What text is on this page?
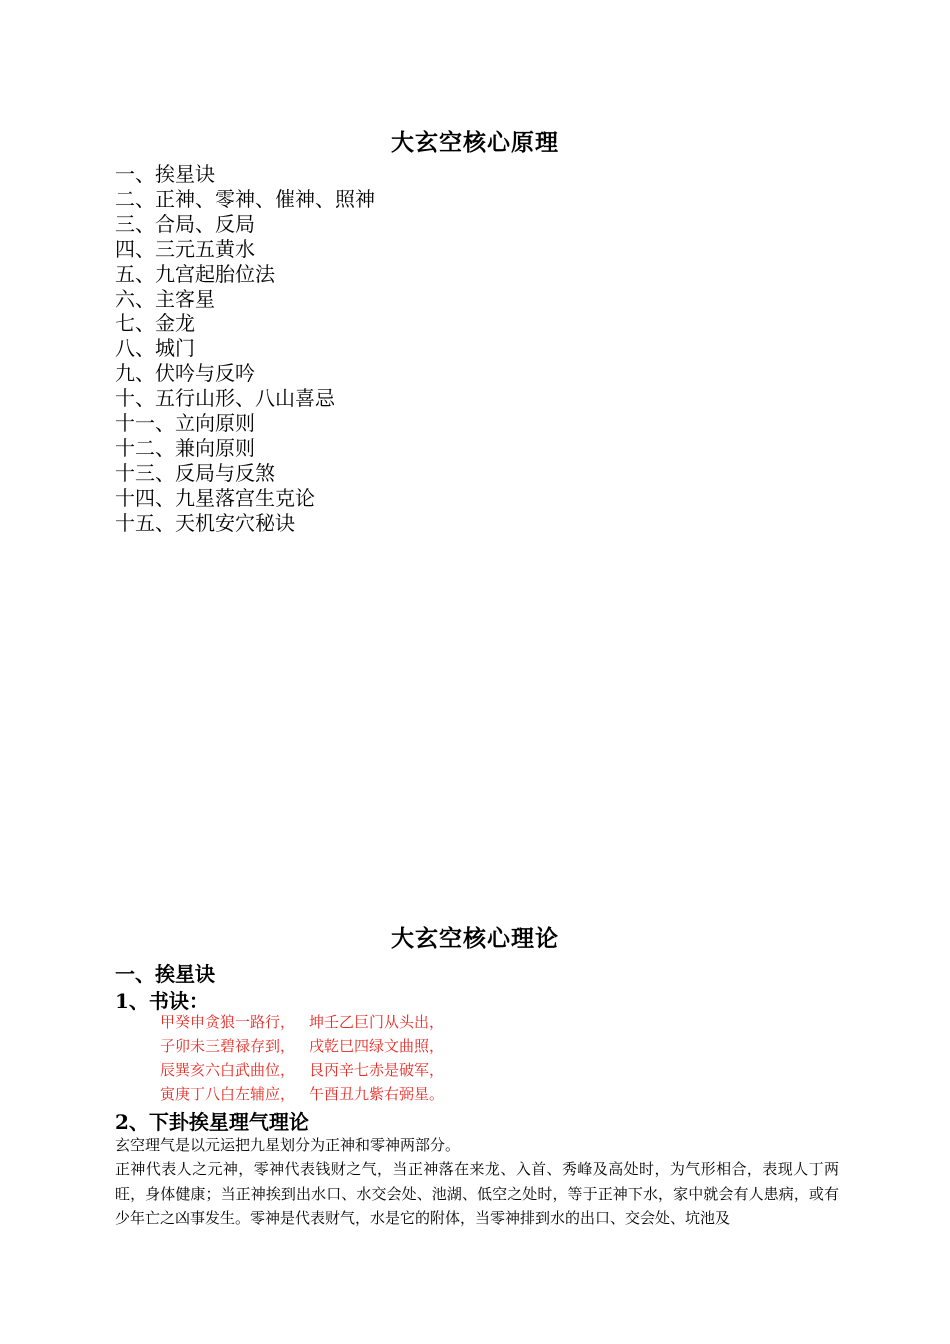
大玄空核心原理
一、挨星诀
二、正神、零神、催神、照神
三、合局、反局
四、三元五黄水
五、九宫起胎位法
六、主客星
七、金龙
八、城门
九、伏吟与反吟
十、五行山形、八山喜忌
十一、立向原则
十二、兼向原则
十三、反局与反煞
十四、九星落宫生克论
十五、天机安穴秘诀
大玄空核心理论
一、挨星诀
1、书诀：
甲癸申贪狼一路行， 坤壬乙巨门从头出，
子卯未三碧禄存到， 戌乾巳四绿文曲照，
辰巽亥六白武曲位， 艮丙辛七赤是破军，
寅庚丁八白左辅应， 午酉丑九紫右弼星。
2、下卦挨星理气理论
玄空理气是以元运把九星划分为正神和零神两部分。
正神代表人之元神，零神代表钱财之气，当正神落在来龙、入首、秀峰及高处时，为气形相合，表现人丁两旺，身体健康；当正神挨到出水口、水交会处、池湖、低空之处时，等于正神下水，家中就会有人患病，或有少年亡之凶事发生。零神是代表财气，水是它的附体，当零神排到水的出口、交会处、坑池及
